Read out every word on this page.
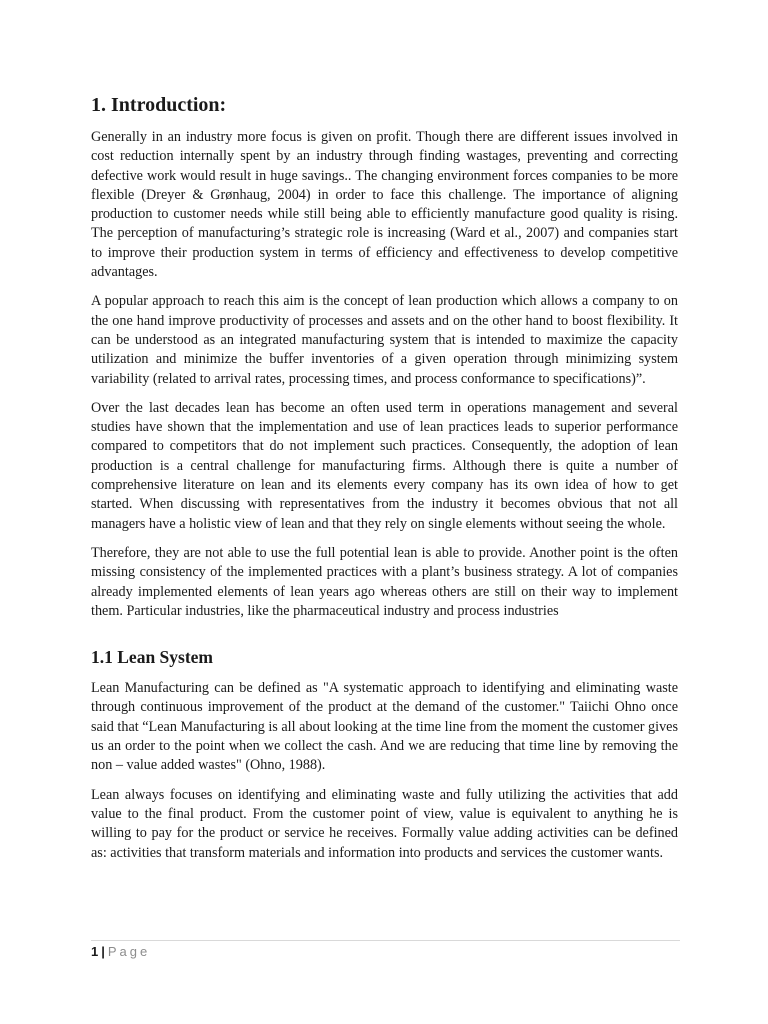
1. Introduction:

Generally in an industry more focus is given on profit. Though there are different issues involved in cost reduction internally spent by an industry through finding wastages, preventing and correcting defective work would result in huge savings.. The changing environment forces companies to be more flexible (Dreyer & Grønhaug, 2004) in order to face this challenge. The importance of aligning production to customer needs while still being able to efficiently manufacture good quality is rising. The perception of manufacturing’s strategic role is increasing (Ward et al., 2007) and companies start to improve their production system in terms of efficiency and effectiveness to develop competitive advantages.

A popular approach to reach this aim is the concept of lean production which allows a company to on the one hand improve productivity of processes and assets and on the other hand to boost flexibility. It can be understood as an integrated manufacturing system that is intended to maximize the capacity utilization and minimize the buffer inventories of a given operation through minimizing system variability (related to arrival rates, processing times, and process conformance to specifications)”.

Over the last decades lean has become an often used term in operations management and several studies have shown that the implementation and use of lean practices leads to superior performance compared to competitors that do not implement such practices. Consequently, the adoption of lean production is a central challenge for manufacturing firms. Although there is quite a number of comprehensive literature on lean and its elements every company has its own idea of how to get started. When discussing with representatives from the industry it becomes obvious that not all managers have a holistic view of lean and that they rely on single elements without seeing the whole.

Therefore, they are not able to use the full potential lean is able to provide. Another point is the often missing consistency of the implemented practices with a plant’s business strategy. A lot of companies already implemented elements of lean years ago whereas others are still on their way to implement them. Particular industries, like the pharmaceutical industry and process industries

1.1 Lean System

Lean Manufacturing can be defined as "A systematic approach to identifying and eliminating waste through continuous improvement of the product at the demand of the customer." Taiichi Ohno once said that “Lean Manufacturing is all about looking at the time line from the moment the customer gives us an order to the point when we collect the cash. And we are reducing that time line by removing the non – value added wastes" (Ohno, 1988).

Lean always focuses on identifying and eliminating waste and fully utilizing the activities that add value to the final product. From the customer point of view, value is equivalent to anything he is willing to pay for the product or service he receives. Formally value adding activities can be defined as: activities that transform materials and information into products and services the customer wants.

1 | Page
